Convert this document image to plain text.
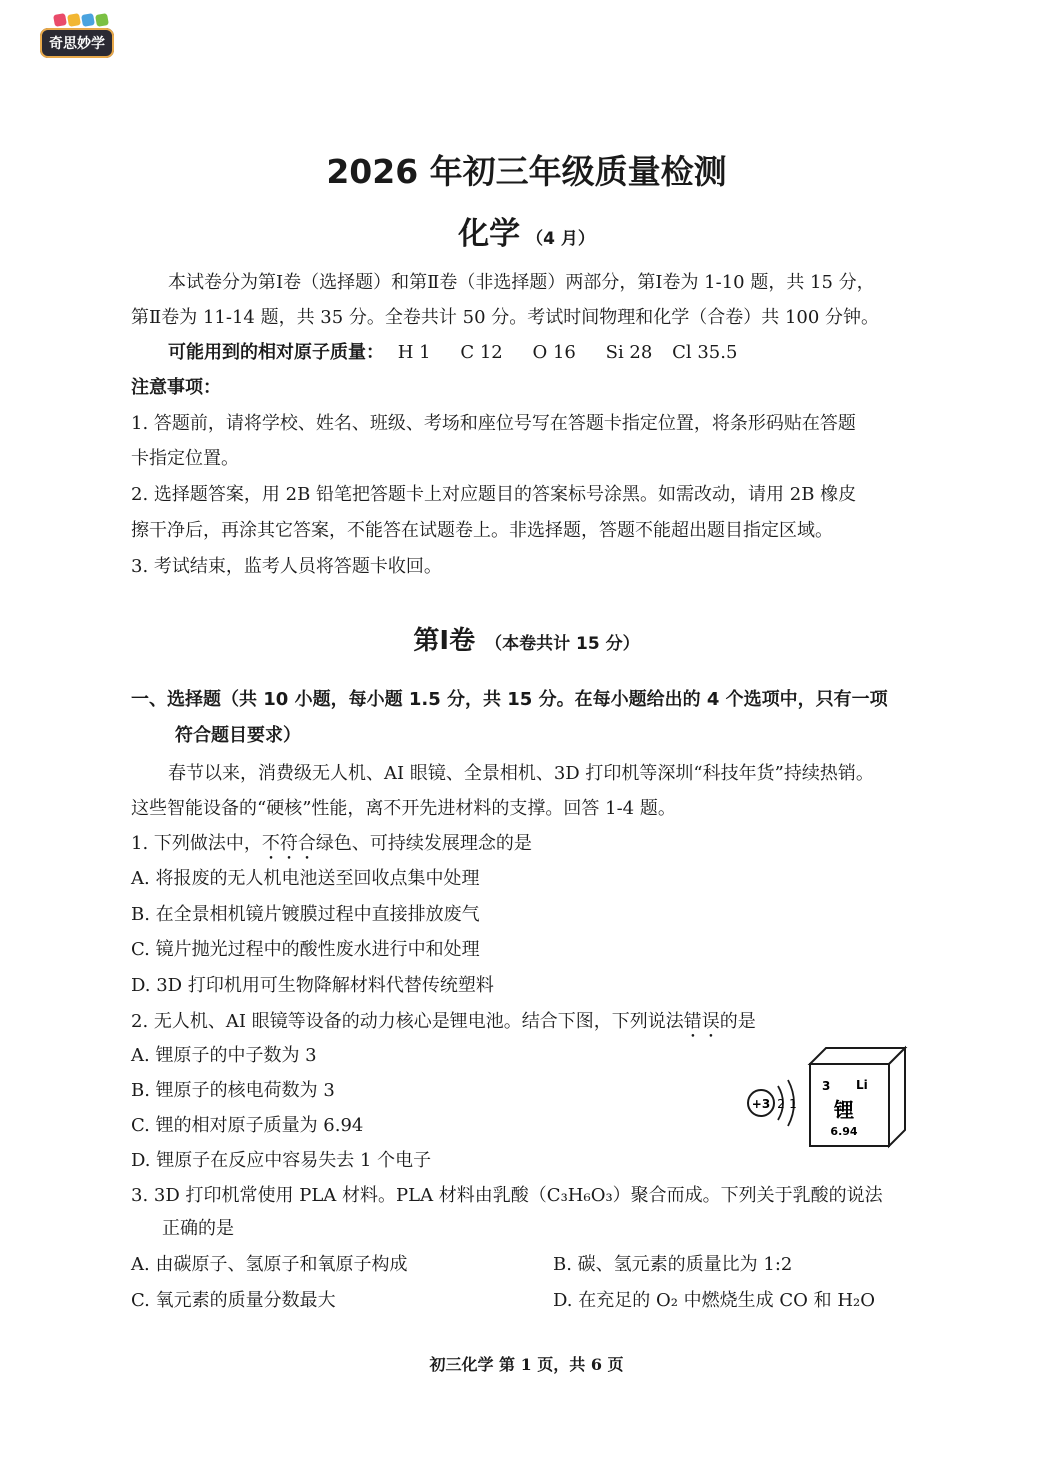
奇思妙学
2026 年初三年级质量检测
化学 （4 月）
本试卷分为第Ⅰ卷（选择题）和第Ⅱ卷（非选择题）两部分，第Ⅰ卷为 1-10 题，共 15 分，
第Ⅱ卷为 11-14 题，共 35 分。全卷共计 50 分。考试时间物理和化学（合卷）共 100 分钟。
可能用到的相对原子质量： H 1 C 12 O 16 Si 28 Cl 35.5
注意事项：
1. 答题前，请将学校、姓名、班级、考场和座位号写在答题卡指定位置，将条形码贴在答题
卡指定位置。
2. 选择题答案，用 2B 铅笔把答题卡上对应题目的答案标号涂黑。如需改动，请用 2B 橡皮
擦干净后，再涂其它答案，不能答在试题卷上。非选择题，答题不能超出题目指定区域。
3. 考试结束，监考人员将答题卡收回。
第Ⅰ卷 （本卷共计 15 分）
一、选择题（共 10 小题，每小题 1.5 分，共 15 分。在每小题给出的 4 个选项中，只有一项
符合题目要求）
春节以来，消费级无人机、AI 眼镜、全景相机、3D 打印机等深圳“科技年货”持续热销。
这些智能设备的“硬核”性能，离不开先进材料的支撑。回答 1-4 题。
1. 下列做法中，不符合绿色、可持续发展理念的是
A. 将报废的无人机电池送至回收点集中处理
B. 在全景相机镜片镀膜过程中直接排放废气
C. 镜片抛光过程中的酸性废水进行中和处理
D. 3D 打印机用可生物降解材料代替传统塑料
2. 无人机、AI 眼镜等设备的动力核心是锂电池。结合下图，下列说法错误的是
A. 锂原子的中子数为 3
B. 锂原子的核电荷数为 3
C. 锂的相对原子质量为 6.94
D. 锂原子在反应中容易失去 1 个电子
+3 2 1
3 Li
锂
6.94
3. 3D 打印机常使用 PLA 材料。PLA 材料由乳酸（C₃H₆O₃）聚合而成。下列关于乳酸的说法
正确的是
A. 由碳原子、氢原子和氧原子构成	B. 碳、氢元素的质量比为 1:2
C. 氧元素的质量分数最大	D. 在充足的 O₂ 中燃烧生成 CO 和 H₂O
初三化学 第 1 页，共 6 页
